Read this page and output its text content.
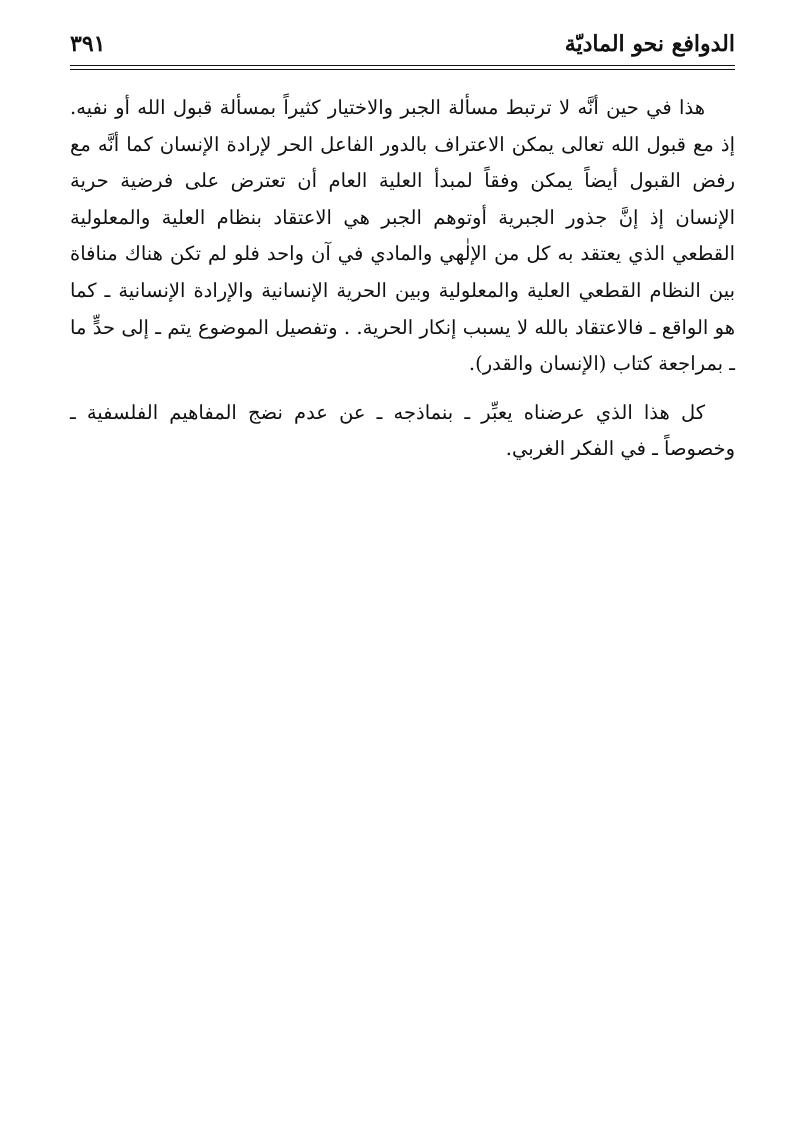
الدوافع نحو الماديّة
٣٩١

هذا في حين أنَّه لا ترتبط مسألة الجبر والاختيار كثيراً بمسألة قبول الله أو نفيه. إذ مع قبول الله تعالى يمكن الاعتراف بالدور الفاعل الحر لإرادة الإنسان كما أنَّه مع رفض القبول أيضاً يمكن وفقاً لمبدأ العلية العام أن تعترض على فرضية حرية الإنسان إذ إنَّ جذور الجبرية أوتوهم الجبر هي الاعتقاد بنظام العلية والمعلولية القطعي الذي يعتقد به كل من الإلٰهي والمادي في آن واحد فلو لم تكن هناك منافاة بين النظام القطعي العلية والمعلولية وبين الحرية الإنسانية والإرادة الإنسانية ـ كما هو الواقع ـ فالاعتقاد بالله لا يسبب إنكار الحرية. . وتفصيل الموضوع يتم ـ إلى حدٍّ ما ـ بمراجعة كتاب (الإنسان والقدر).

كل هذا الذي عرضناه يعبِّر ـ بنماذجه ـ عن عدم نضج المفاهيم الفلسفية ـ وخصوصاً ـ في الفكر الغربي.
